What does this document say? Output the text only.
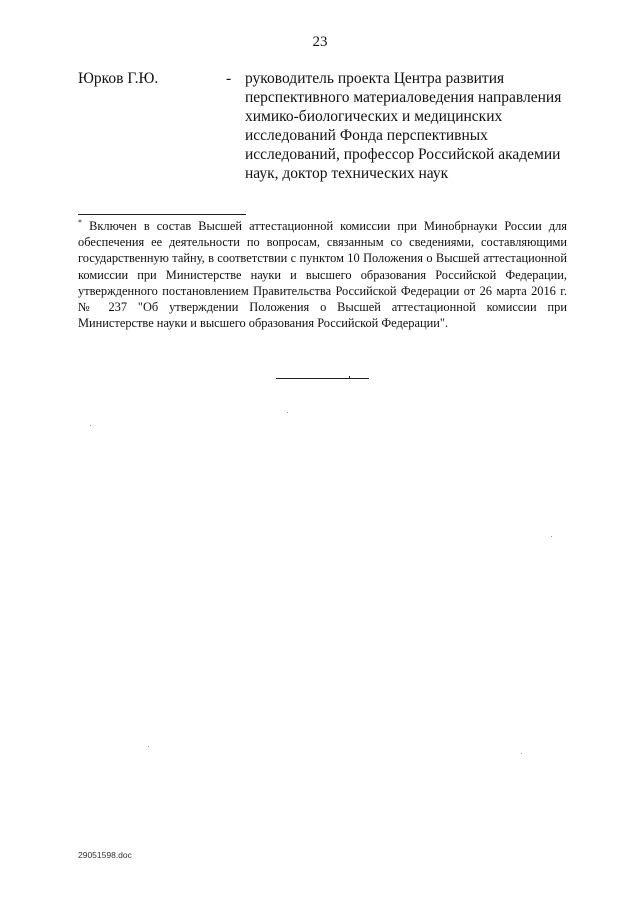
23
Юрков Г.Ю.	- руководитель проекта Центра развития
перспективного материаловедения направления
химико-биологических и медицинских
исследований Фонда перспективных
исследований, профессор Российской академии
наук, доктор технических наук
* Включен в состав Высшей аттестационной комиссии при Минобрнауки России для обеспечения ее деятельности по вопросам, связанным со сведениями, составляющими государственную тайну, в соответствии с пунктом 10 Положения о Высшей аттестационной комиссии при Министерстве науки и высшего образования Российской Федерации, утвержденного постановлением Правительства Российской Федерации от 26 марта 2016 г. № 237 "Об утверждении Положения о Высшей аттестационной комиссии при Министерстве науки и высшего образования Российской Федерации".
29051598.doc
